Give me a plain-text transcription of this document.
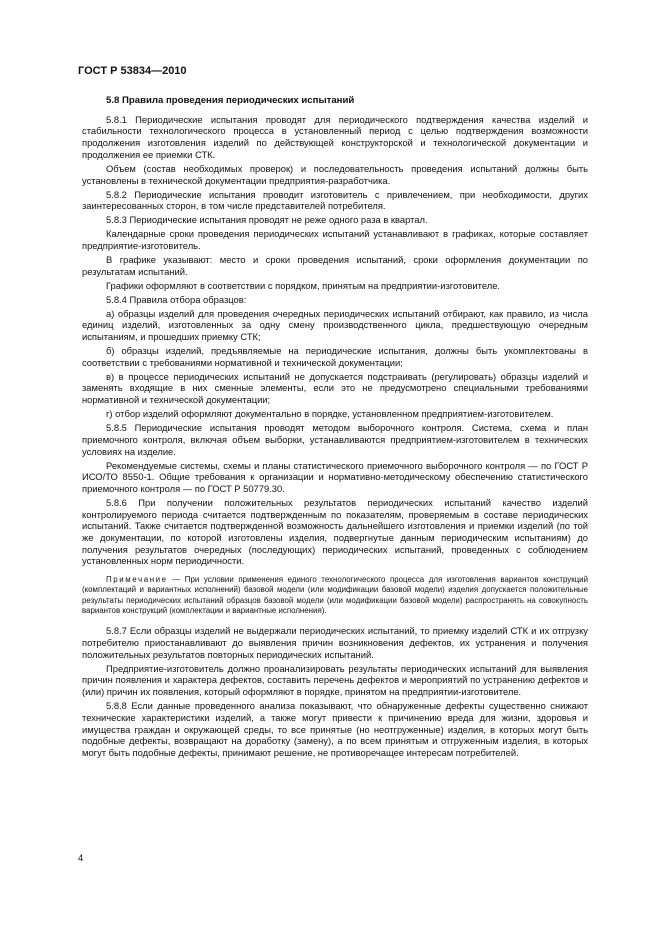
ГОСТ Р 53834—2010
5.8 Правила проведения периодических испытаний

5.8.1 Периодические испытания проводят для периодического подтверждения качества изделий и стабильности технологического процесса в установленный период с целью подтверждения возможности продолжения изготовления изделий по действующей конструкторской и технологической документации и продолжения ее приемки СТК.

Объем (состав необходимых проверок) и последовательность проведения испытаний должны быть установлены в технической документации предприятия-разработчика.

5.8.2 Периодические испытания проводит изготовитель с привлечением, при необходимости, других заинтересованных сторон, в том числе представителей потребителя.

5.8.3 Периодические испытания проводят не реже одного раза в квартал.

Календарные сроки проведения периодических испытаний устанавливают в графиках, которые составляет предприятие-изготовитель.

В графике указывают: место и сроки проведения испытаний, сроки оформления документации по результатам испытаний.

Графики оформляют в соответствии с порядком, принятым на предприятии-изготовителе.

5.8.4 Правила отбора образцов:

а) образцы изделий для проведения очередных периодических испытаний отбирают, как правило, из числа единиц изделий, изготовленных за одну смену производственного цикла, предшествующую очередным испытаниям, и прошедших приемку СТК;

б) образцы изделий, предъявляемые на периодические испытания, должны быть укомплектованы в соответствии с требованиями нормативной и технической документации;

в) в процессе периодических испытаний не допускается подстраивать (регулировать) образцы изделий и заменять входящие в них сменные элементы, если это не предусмотрено специальными требованиями нормативной и технической документации;

г) отбор изделий оформляют документально в порядке, установленном предприятием-изготовителем.

5.8.5 Периодические испытания проводят методом выборочного контроля. Система, схема и план приемочного контроля, включая объем выборки, устанавливаются предприятием-изготовителем в технических условиях на изделие.

Рекомендуемые системы, схемы и планы статистического приемочного выборочного контроля — по ГОСТ Р ИСО/ТО 8550-1. Общие требования к организации и нормативно-методическому обеспечению статистического приемочного контроля — по ГОСТ Р 50779.30.

5.8.6 При получении положительных результатов периодических испытаний качество изделий контролируемого периода считается подтвержденным по показателям, проверяемым в составе периодических испытаний. Также считается подтвержденной возможность дальнейшего изготовления и приемки изделий (по той же документации, по которой изготовлены изделия, подвергнутые данным периодическим испытаниям) до получения результатов очередных (последующих) периодических испытаний, проведенных с соблюдением установленных норм периодичности.

Примечание — При условии применения единого технологического процесса для изготовления вариантов конструкций (комплектаций и вариантных исполнений) базовой модели (или модификации базовой модели) изделия допускается положительные результаты периодических испытаний образцов базовой модели (или модификации базовой модели) распространять на совокупность вариантов конструкций (комплектации и вариантные исполнения).

5.8.7 Если образцы изделий не выдержали периодических испытаний, то приемку изделий СТК и их отгрузку потребителю приостанавливают до выявления причин возникновения дефектов, их устранения и получения положительных результатов повторных периодических испытаний.

Предприятие-изготовитель должно проанализировать результаты периодических испытаний для выявления причин появления и характера дефектов, составить перечень дефектов и мероприятий по устранению дефектов и (или) причин их появления, который оформляют в порядке, принятом на предприятии-изготовителе.

5.8.8 Если данные проведенного анализа показывают, что обнаруженные дефекты существенно снижают технические характеристики изделий, а также могут привести к причинению вреда для жизни, здоровья и имущества граждан и окружающей среды, то все принятые (но неотгруженные) изделия, в которых могут быть подобные дефекты, возвращают на доработку (замену), а по всем принятым и отгруженным изделия, в которых могут быть подобные дефекты, принимают решение, не противоречащее интересам потребителей.

4
